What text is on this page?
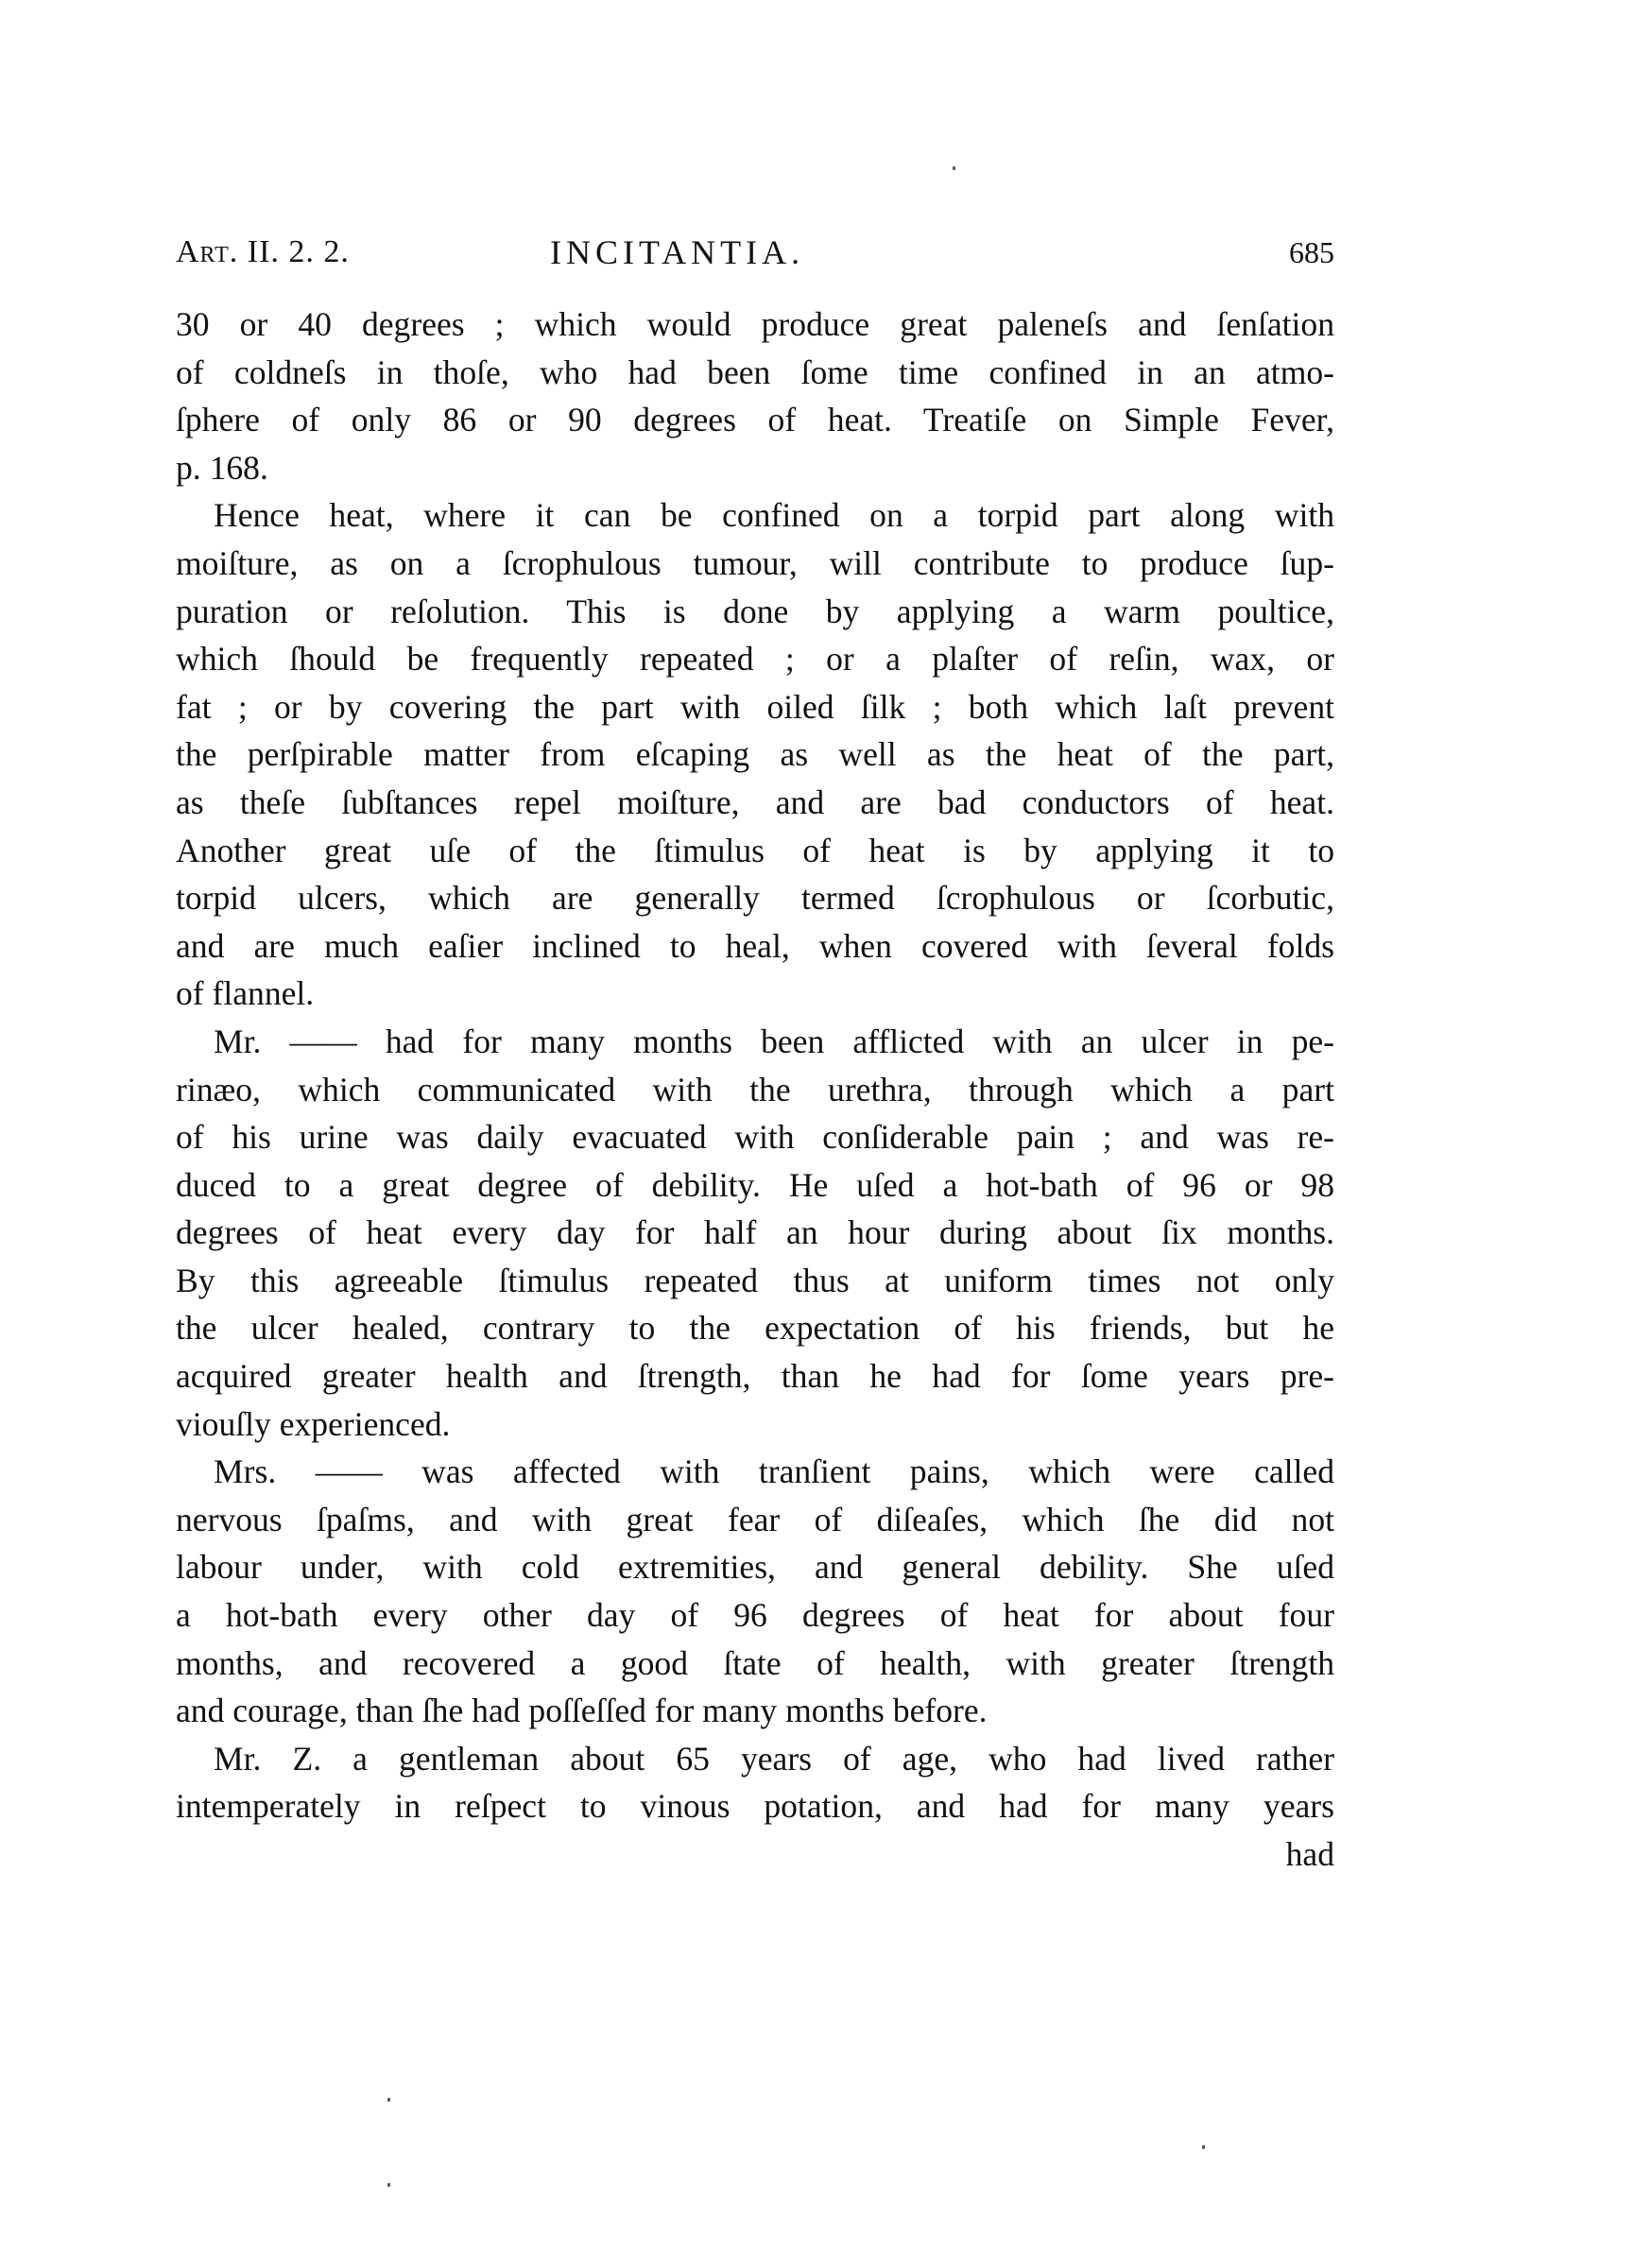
Art. II. 2. 2.	INCITANTIA.	685
30 or 40 degrees ; which would produce great paleneſs and ſenſation
of coldneſs in thoſe, who had been ſome time confined in an atmo-
ſphere of only 86 or 90 degrees of heat. Treatiſe on Simple Fever,
p. 168.
Hence heat, where it can be confined on a torpid part along with
moiſture, as on a ſcrophulous tumour, will contribute to produce ſup-
puration or reſolution. This is done by applying a warm poultice,
which ſhould be frequently repeated ; or a plaſter of reſin, wax, or
fat ; or by covering the part with oiled ſilk ; both which laſt prevent
the perſpirable matter from eſcaping as well as the heat of the part,
as theſe ſubſtances repel moiſture, and are bad conductors of heat.
Another great uſe of the ſtimulus of heat is by applying it to
torpid ulcers, which are generally termed ſcrophulous or ſcorbutic,
and are much eaſier inclined to heal, when covered with ſeveral folds
of flannel.
Mr. —— had for many months been afflicted with an ulcer in pe-
rinæo, which communicated with the urethra, through which a part
of his urine was daily evacuated with conſiderable pain ; and was re-
duced to a great degree of debility. He uſed a hot-bath of 96 or 98
degrees of heat every day for half an hour during about ſix months.
By this agreeable ſtimulus repeated thus at uniform times not only
the ulcer healed, contrary to the expectation of his friends, but he
acquired greater health and ſtrength, than he had for ſome years pre-
viouſly experienced.
Mrs. —— was affected with tranſient pains, which were called
nervous ſpaſms, and with great fear of diſeaſes, which ſhe did not
labour under, with cold extremities, and general debility. She uſed
a hot-bath every other day of 96 degrees of heat for about four
months, and recovered a good ſtate of health, with greater ſtrength
and courage, than ſhe had poſſeſſed for many months before.
Mr. Z. a gentleman about 65 years of age, who had lived rather
intemperately in reſpect to vinous potation, and had for many years
had
